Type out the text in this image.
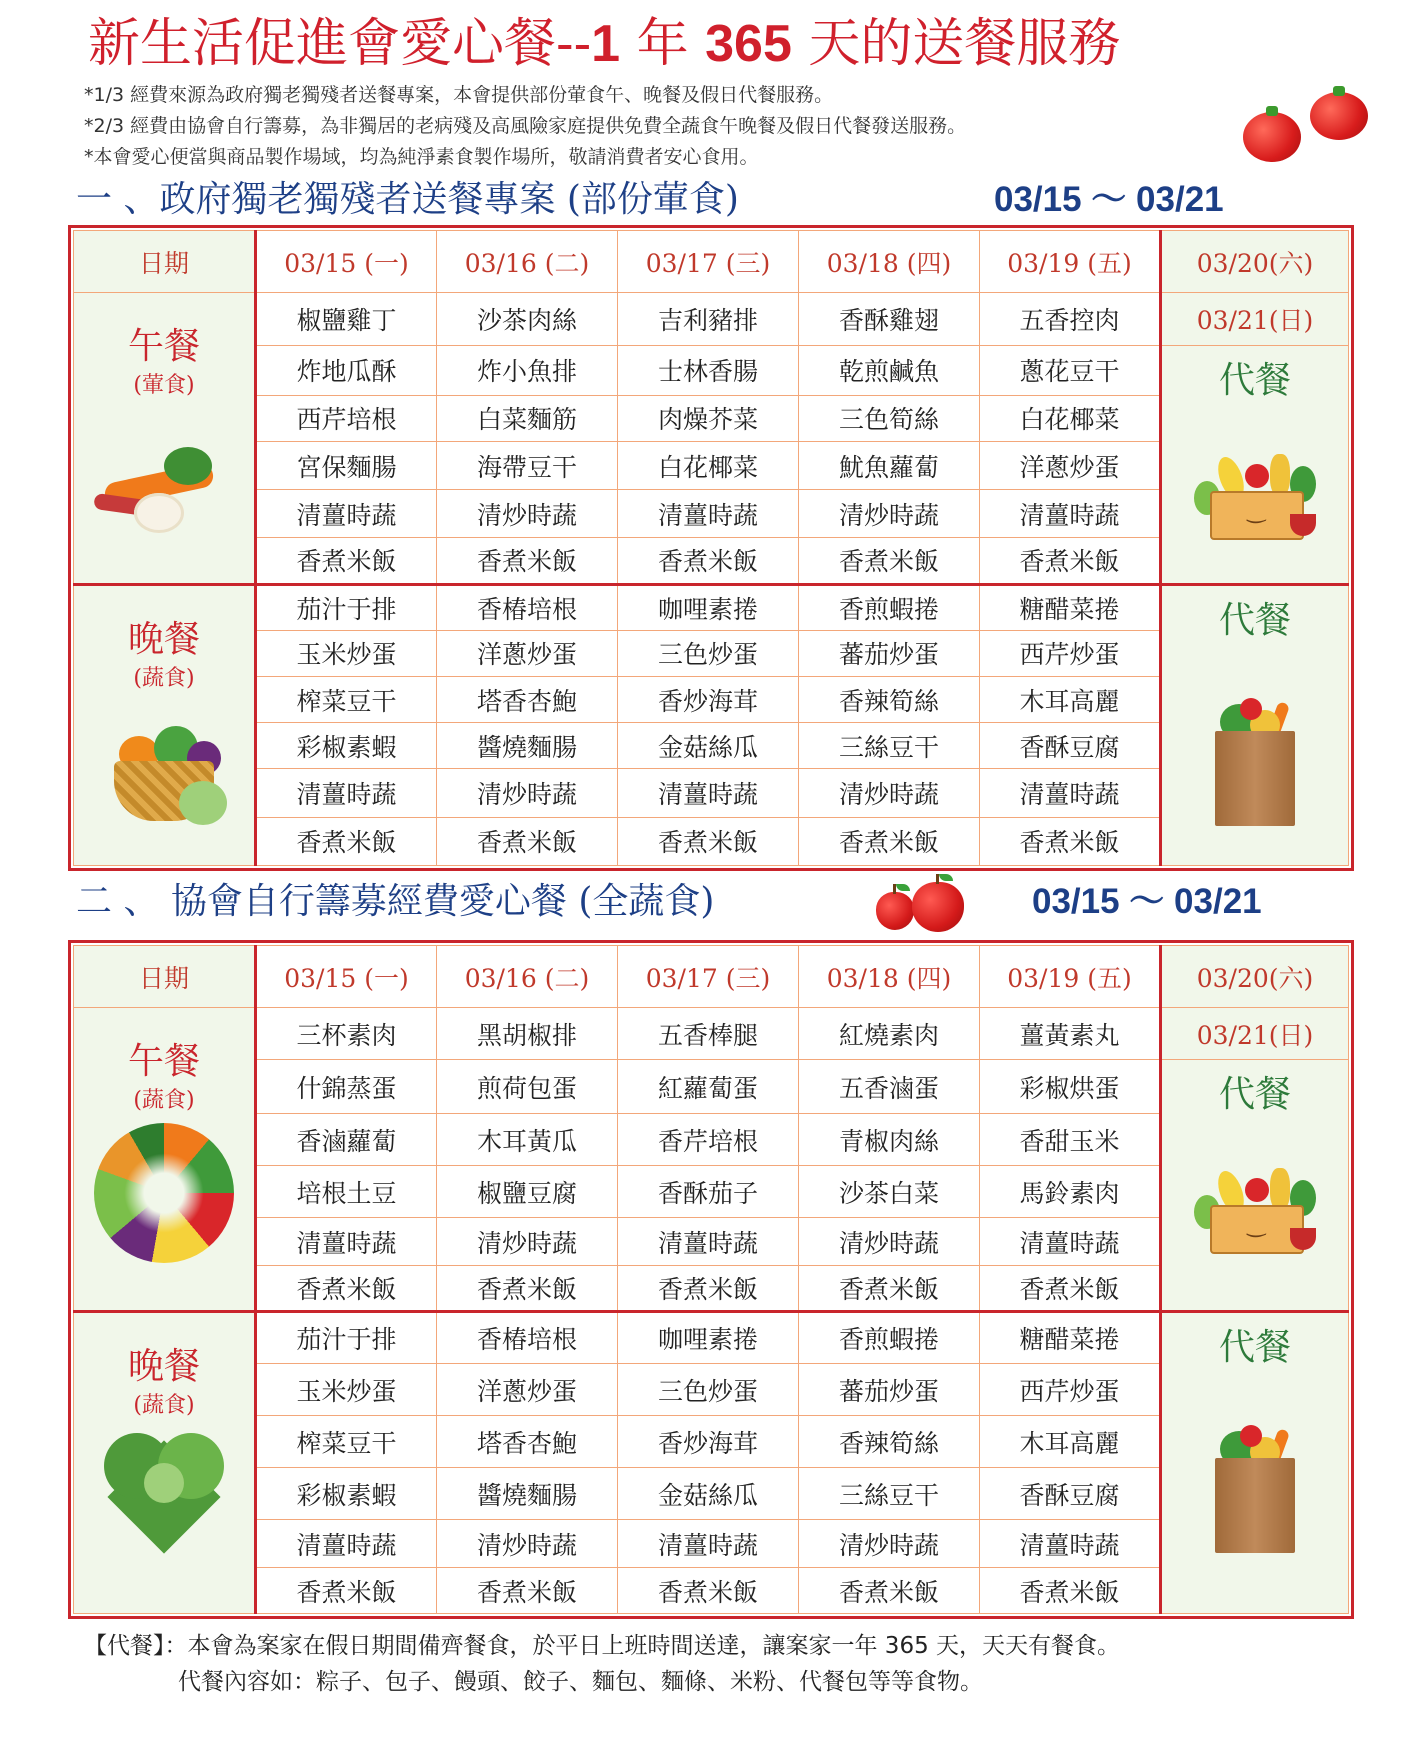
新生活促進會愛心餐--1 年 365 天的送餐服務
*1/3 經費來源為政府獨老獨殘者送餐專案，本會提供部份葷食午、晚餐及假日代餐服務。
*2/3 經費由協會自行籌募，為非獨居的老病殘及高風險家庭提供免費全蔬食午晚餐及假日代餐發送服務。
*本會愛心便當與商品製作場域，均為純淨素食製作場所，敬請消費者安心食用。
一 、政府獨老獨殘者送餐專案 (部份葷食)	03/15 ～ 03/21
日期	03/15 (一)	03/16 (二)	03/17 (三)	03/18 (四)	03/19 (五)	03/20(六)

午餐
(葷食)	椒鹽雞丁	沙茶肉絲	吉利豬排	香酥雞翅	五香控肉	03/21(日)
	炸地瓜酥	炸小魚排	士林香腸	乾煎鹹魚	蔥花豆干	代餐
‿

	西芹培根	白菜麵筋	肉燥芥菜	三色筍絲	白花椰菜	
	宮保麵腸	海帶豆干	白花椰菜	魷魚蘿蔔	洋蔥炒蛋	
	清薑時蔬	清炒時蔬	清薑時蔬	清炒時蔬	清薑時蔬	
	香煮米飯	香煮米飯	香煮米飯	香煮米飯	香煮米飯	

晚餐
(蔬食)	茄汁于排	香椿培根	咖哩素捲	香煎蝦捲	糖醋菜捲	代餐

	玉米炒蛋	洋蔥炒蛋	三色炒蛋	蕃茄炒蛋	西芹炒蛋	
	榨菜豆干	塔香杏鮑	香炒海茸	香辣筍絲	木耳高麗	
	彩椒素蝦	醬燒麵腸	金菇絲瓜	三絲豆干	香酥豆腐	
	清薑時蔬	清炒時蔬	清薑時蔬	清炒時蔬	清薑時蔬	
	香煮米飯	香煮米飯	香煮米飯	香煮米飯	香煮米飯	
二 、 協會自行籌募經費愛心餐 (全蔬食)	03/15 ～ 03/21
日期	03/15 (一)	03/16 (二)	03/17 (三)	03/18 (四)	03/19 (五)	03/20(六)

午餐
(蔬食)	三杯素肉	黑胡椒排	五香棒腿	紅燒素肉	薑黃素丸	03/21(日)
	什錦蒸蛋	煎荷包蛋	紅蘿蔔蛋	五香滷蛋	彩椒烘蛋	代餐
‿

	香滷蘿蔔	木耳黃瓜	香芹培根	青椒肉絲	香甜玉米	
	培根土豆	椒鹽豆腐	香酥茄子	沙茶白菜	馬鈴素肉	
	清薑時蔬	清炒時蔬	清薑時蔬	清炒時蔬	清薑時蔬	
	香煮米飯	香煮米飯	香煮米飯	香煮米飯	香煮米飯	

晚餐
(蔬食)	茄汁于排	香椿培根	咖哩素捲	香煎蝦捲	糖醋菜捲	代餐

	玉米炒蛋	洋蔥炒蛋	三色炒蛋	蕃茄炒蛋	西芹炒蛋	
	榨菜豆干	塔香杏鮑	香炒海茸	香辣筍絲	木耳高麗	
	彩椒素蝦	醬燒麵腸	金菇絲瓜	三絲豆干	香酥豆腐	
	清薑時蔬	清炒時蔬	清薑時蔬	清炒時蔬	清薑時蔬	
	香煮米飯	香煮米飯	香煮米飯	香煮米飯	香煮米飯	
【代餐】：本會為案家在假日期間備齊餐食，於平日上班時間送達，讓案家一年 365 天，天天有餐食。
代餐內容如：粽子、包子、饅頭、餃子、麵包、麵條、米粉、代餐包等等食物。
